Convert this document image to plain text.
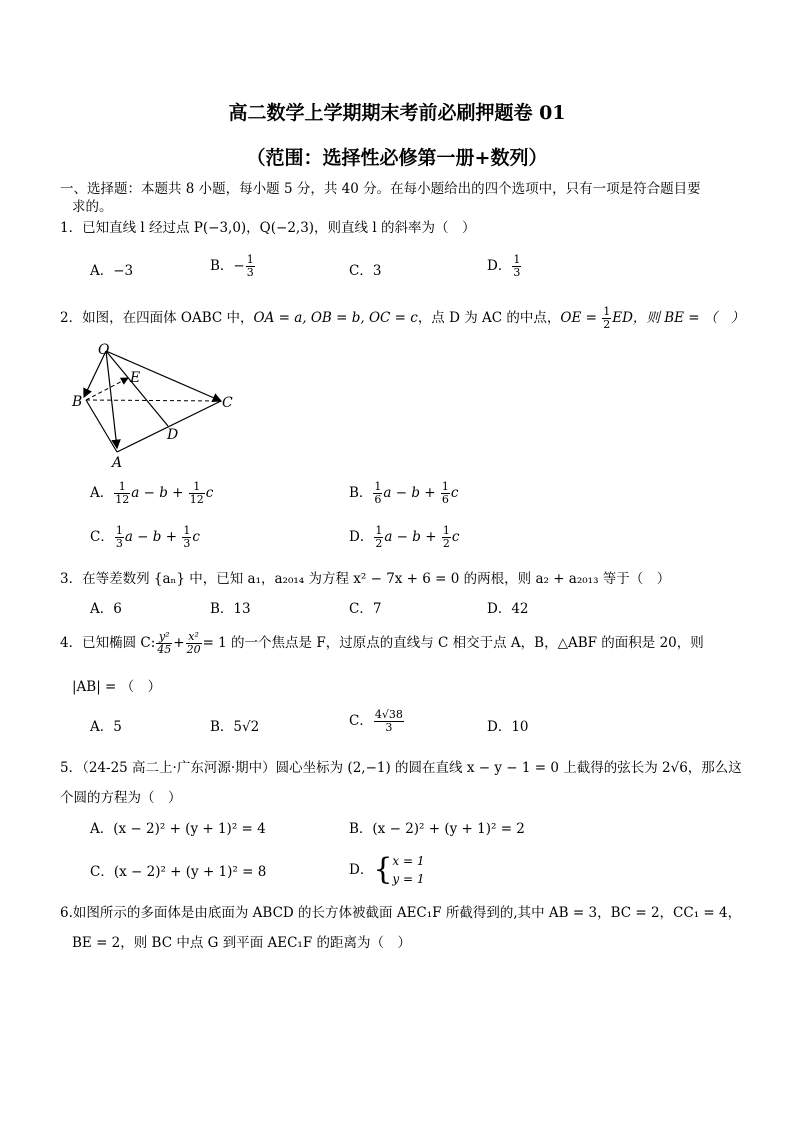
高二数学上学期期末考前必刷押题卷 01
（范围：选择性必修第一册+数列）
一、选择题：本题共 8 小题，每小题 5 分，共 40 分。在每小题给出的四个选项中，只有一项是符合题目要
求的。
1．已知直线 l 经过点 P(−3,0)，Q(−2,3)，则直线 l 的斜率为（　）
A．−3	B．− $\frac{1}{3}$	C．3	D． $\frac{1}{3}$
2．如图，在四面体 OABC 中，OA = a, OB = b, OC = c，点 D 为 AC 的中点，OE = $\frac{1}{2}$ ED，则 BE = （　）
O
E
B	C
D
A
A． $\frac{1}{12}$ $a - b + \frac{1}{12}$ c	B． $\frac{1}{6}$ $a - b + \frac{1}{6}$ c
C． $\frac{1}{3}$ $a - b + \frac{1}{3}$ c	D． $\frac{1}{2}$ $a - b + \frac{1}{2}$ c
3．在等差数列 {aₙ} 中，已知 a₁，a₂₀₁₄ 为方程 x² − 7x + 6 = 0 的两根，则 a₂ + a₂₀₁₃ 等于（　）
A．6	B．13	C．7	D．42
4．已知椭圆 C: $\frac{\text{y²}}{45} + \frac{\text{x²}}{20} = 1$ 的一个焦点是 F，过原点的直线与 C 相交于点 A，B，△ABF 的面积是 20，则
|AB| = （　）
A．5	B．5√2	C． $\frac{4√38}{3}$	D．10
5．（24-25 高二上·广东河源·期中）圆心坐标为 (2,−1) 的圆在直线 x − y − 1 = 0 上截得的弦长为 2√6，那么这
个圆的方程为（　）
A．(x − 2)² + (y + 1)² = 4	B．(x − 2)² + (y + 1)² = 2
C．(x − 2)² + (y + 1)² = 8	D．{ x = 1
y = 1
6.如图所示的多面体是由底面为 ABCD 的长方体被截面 AEC₁F 所截得到的,其中 AB = 3，BC = 2，CC₁ = 4，
BE = 2，则 BC 中点 G 到平面 AEC₁F 的距离为（　）
